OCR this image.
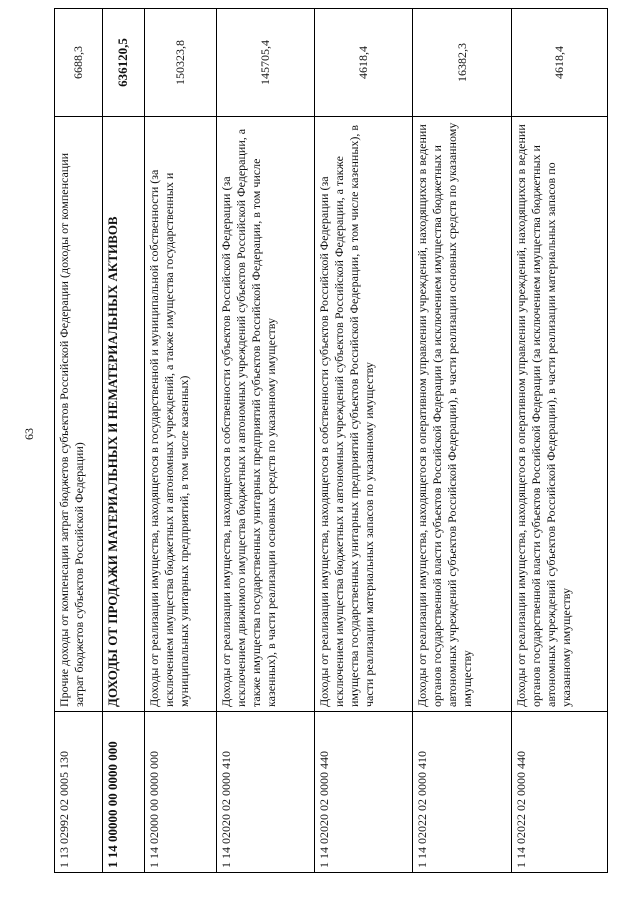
63
1 13 02992 02 0005 130	Прочие доходы от компенсации затрат бюджетов субъектов Российской Федерации (доходы от компенсации затрат бюджетов субъектов Российской Федерации)	6688,3
1 14 00000 00 0000 000	ДОХОДЫ ОТ ПРОДАЖИ МАТЕРИАЛЬНЫХ И НЕМАТЕРИАЛЬНЫХ АКТИВОВ	636120,5
1 14 02000 00 0000 000	Доходы от реализации имущества, находящегося в государственной и муниципальной собственности (за исключением имущества бюджетных и автономных учреждений, а также имущества государственных и муниципальных унитарных предприятий, в том числе казенных)	150323,8
1 14 02020 02 0000 410	Доходы от реализации имущества, находящегося в собственности субъектов Российской Федерации (за исключением движимого имущества бюджетных и автономных учреждений субъектов Российской Федерации, а также имущества государственных унитарных предприятий субъектов Российской Федерации, в том числе казенных), в части реализации основных средств по указанному имуществу	145705,4
1 14 02020 02 0000 440	Доходы от реализации имущества, находящегося в собственности субъектов Российской Федерации (за исключением имущества бюджетных и автономных учреждений субъектов Российской Федерации, а также имущества государственных унитарных предприятий субъектов Российской Федерации, в том числе казенных), в части реализации материальных запасов по указанному имуществу	4618,4
1 14 02022 02 0000 410	Доходы от реализации имущества, находящегося в оперативном управлении учреждений, находящихся в ведении органов государственной власти субъектов Российской Федерации (за исключением имущества бюджетных и автономных учреждений субъектов Российской Федерации), в части реализации основных средств по указанному имуществу	16382,3
1 14 02022 02 0000 440	Доходы от реализации имущества, находящегося в оперативном управлении учреждений, находящихся в ведении органов государственной власти субъектов Российской Федерации (за исключением имущества бюджетных и автономных учреждений субъектов Российской Федерации), в части реализации материальных запасов по указанному имуществу	4618,4
